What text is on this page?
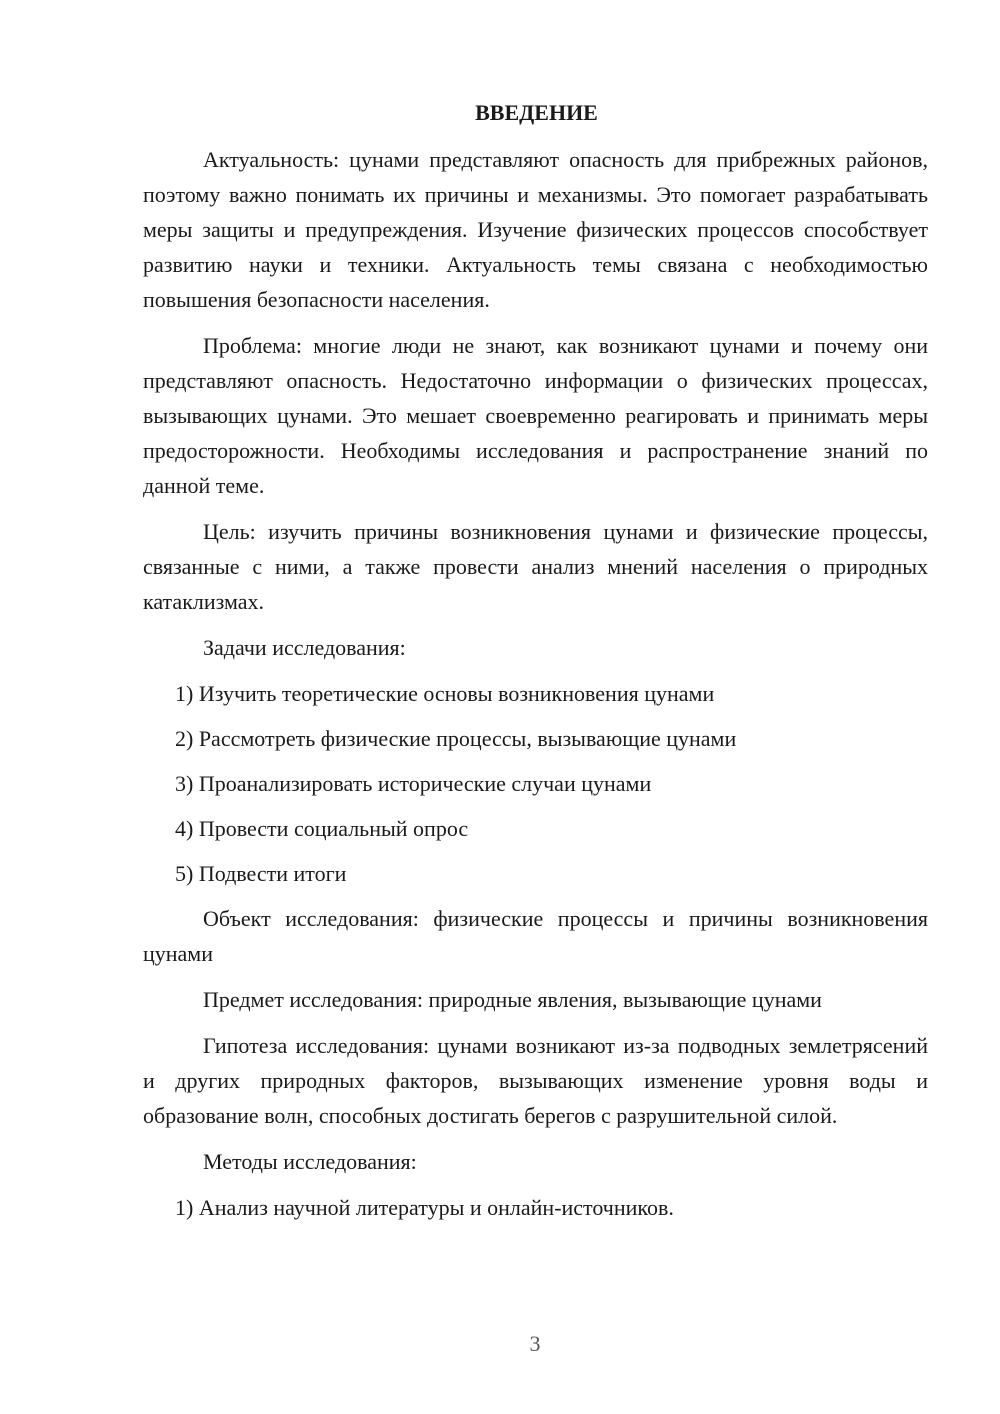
ВВЕДЕНИЕ

Актуальность: цунами представляют опасность для прибрежных районов, поэтому важно понимать их причины и механизмы. Это помогает разрабатывать меры защиты и предупреждения. Изучение физических процессов способствует развитию науки и техники. Актуальность темы связана с необходимостью повышения безопасности населения.

Проблема: многие люди не знают, как возникают цунами и почему они представляют опасность. Недостаточно информации о физических процессах, вызывающих цунами. Это мешает своевременно реагировать и принимать меры предосторожности. Необходимы исследования и распространение знаний по данной теме.

Цель: изучить причины возникновения цунами и физические процессы, связанные с ними, а также провести анализ мнений населения о природных катаклизмах.

Задачи исследования:

1) Изучить теоретические основы возникновения цунами

2) Рассмотреть физические процессы, вызывающие цунами

3) Проанализировать исторические случаи цунами

4) Провести социальный опрос

5) Подвести итоги

Объект исследования: физические процессы и причины возникновения цунами

Предмет исследования: природные явления, вызывающие цунами

Гипотеза исследования: цунами возникают из-за подводных землетрясений и других природных факторов, вызывающих изменение уровня воды и образование волн, способных достигать берегов с разрушительной силой.

Методы исследования:

1) Анализ научной литературы и онлайн-источников.

3
